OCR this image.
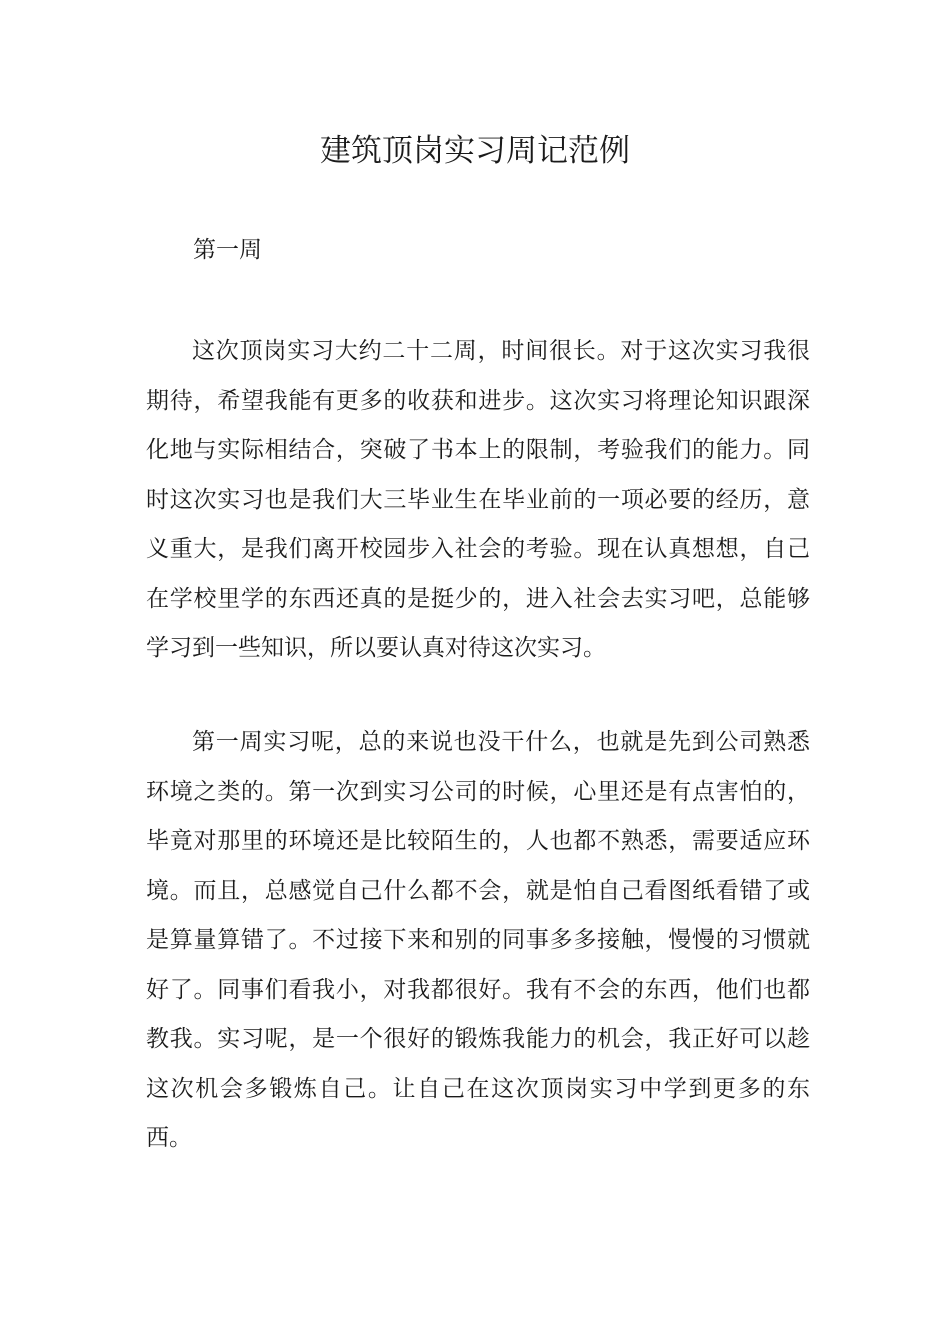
建筑顶岗实习周记范例

第一周

这次顶岗实习大约二十二周，时间很长。对于这次实习我很期待，希望我能有更多的收获和进步。这次实习将理论知识跟深化地与实际相结合，突破了书本上的限制，考验我们的能力。同时这次实习也是我们大三毕业生在毕业前的一项必要的经历，意义重大，是我们离开校园步入社会的考验。现在认真想想，自己在学校里学的东西还真的是挺少的，进入社会去实习吧，总能够学习到一些知识，所以要认真对待这次实习。

第一周实习呢，总的来说也没干什么，也就是先到公司熟悉环境之类的。第一次到实习公司的时候，心里还是有点害怕的，毕竟对那里的环境还是比较陌生的，人也都不熟悉，需要适应环境。而且，总感觉自己什么都不会，就是怕自己看图纸看错了或是算量算错了。不过接下来和别的同事多多接触，慢慢的习惯就好了。同事们看我小，对我都很好。我有不会的东西，他们也都教我。实习呢，是一个很好的锻炼我能力的机会，我正好可以趁这次机会多锻炼自己。让自己在这次顶岗实习中学到更多的东西。
